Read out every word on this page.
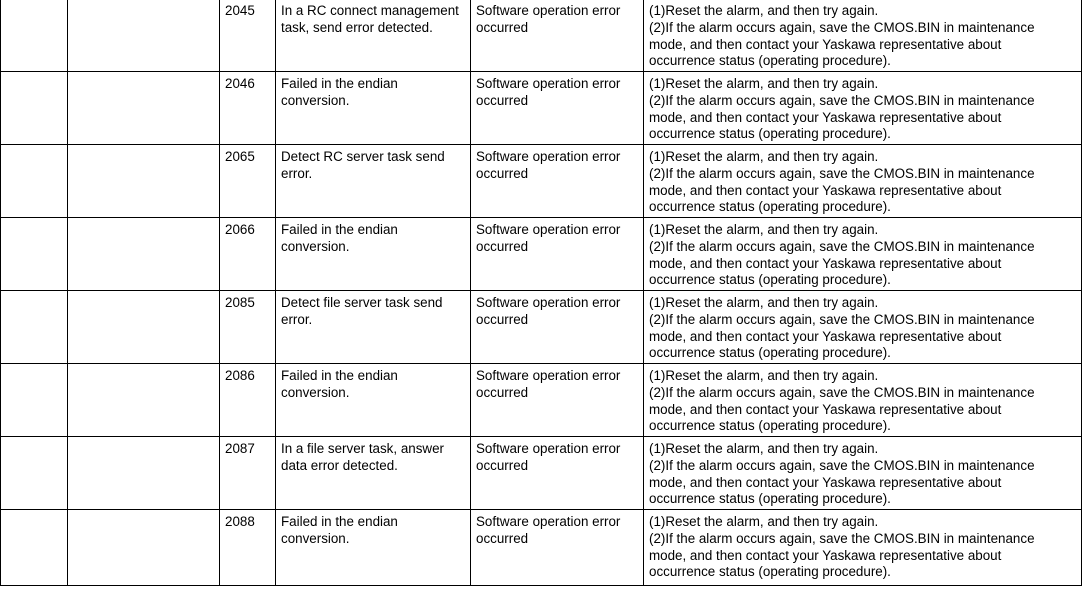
		2045	In a RC connect management
task, send error detected.	Software operation error
occurred	(1)Reset the alarm, and then try again.
(2)If the alarm occurs again, save the CMOS.BIN in maintenance
mode, and then contact your Yaskawa representative about
occurrence status (operating procedure).

		2046	Failed in the endian
conversion.	Software operation error
occurred	(1)Reset the alarm, and then try again.
(2)If the alarm occurs again, save the CMOS.BIN in maintenance
mode, and then contact your Yaskawa representative about
occurrence status (operating procedure).

		2065	Detect RC server task send
error.	Software operation error
occurred	(1)Reset the alarm, and then try again.
(2)If the alarm occurs again, save the CMOS.BIN in maintenance
mode, and then contact your Yaskawa representative about
occurrence status (operating procedure).

		2066	Failed in the endian
conversion.	Software operation error
occurred	(1)Reset the alarm, and then try again.
(2)If the alarm occurs again, save the CMOS.BIN in maintenance
mode, and then contact your Yaskawa representative about
occurrence status (operating procedure).

		2085	Detect file server task send
error.	Software operation error
occurred	(1)Reset the alarm, and then try again.
(2)If the alarm occurs again, save the CMOS.BIN in maintenance
mode, and then contact your Yaskawa representative about
occurrence status (operating procedure).

		2086	Failed in the endian
conversion.	Software operation error
occurred	(1)Reset the alarm, and then try again.
(2)If the alarm occurs again, save the CMOS.BIN in maintenance
mode, and then contact your Yaskawa representative about
occurrence status (operating procedure).

		2087	In a file server task, answer
data error detected.	Software operation error
occurred	(1)Reset the alarm, and then try again.
(2)If the alarm occurs again, save the CMOS.BIN in maintenance
mode, and then contact your Yaskawa representative about
occurrence status (operating procedure).

		2088	Failed in the endian
conversion.	Software operation error
occurred	(1)Reset the alarm, and then try again.
(2)If the alarm occurs again, save the CMOS.BIN in maintenance
mode, and then contact your Yaskawa representative about
occurrence status (operating procedure).
